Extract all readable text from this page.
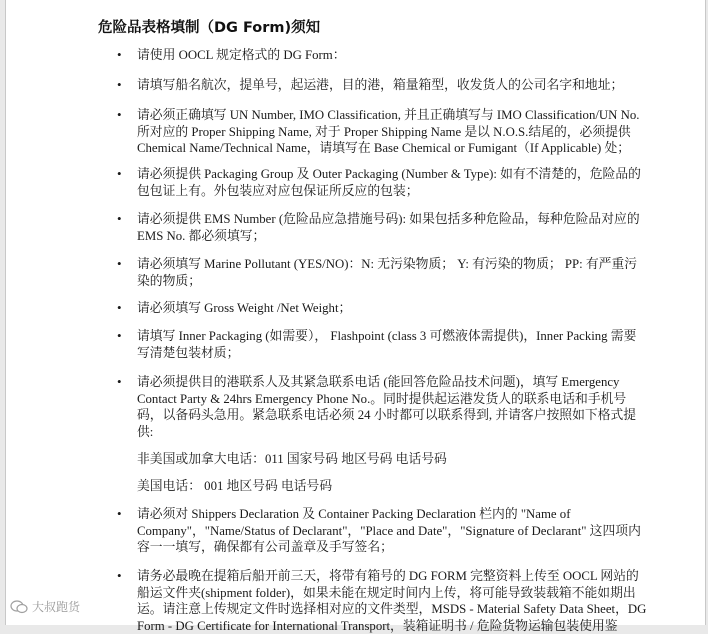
危险品表格填制（DG Form)须知
• 请使用 OOCL 规定格式的 DG Form：
• 请填写船名航次，提单号，起运港，目的港，箱量箱型，收发货人的公司名字和地址；
• 请必须正确填写 UN Number, IMO Classification, 并且正确填写与 IMO Classification/UN No. 所对应的 Proper Shipping Name, 对于 Proper Shipping Name 是以 N.O.S.结尾的，必须提供 Chemical Name/Technical Name，请填写在 Base Chemical or Fumigant（If Applicable) 处；
• 请必须提供 Packaging Group 及 Outer Packaging (Number & Type): 如有不清楚的，危险品的包包证上有。外包装应对应包保证所反应的包装；
• 请必须提供 EMS Number (危险品应急措施号码): 如果包括多种危险品，每种危险品对应的 EMS No. 都必须填写；
• 请必须填写 Marine Pollutant (YES/NO)：N: 无污染物质； Y: 有污染的物质； PP: 有严重污染的物质；
• 请必须填写 Gross Weight /Net Weight；
• 请填写 Inner Packaging (如需要）， Flashpoint (class 3 可燃液体需提供)，Inner Packing 需要写清楚包装材质；
• 请必须提供目的港联系人及其紧急联系电话 (能回答危险品技术问题)，填写 Emergency Contact Party & 24hrs Emergency Phone No.。同时提供起运港发货人的联系电话和手机号码，以备码头急用。紧急联系电话必须 24 小时都可以联系得到, 并请客户按照如下格式提供:
非美国或加拿大电话：011 国家号码 地区号码 电话号码
美国电话： 001 地区号码 电话号码
• 请必须对 Shippers Declaration 及 Container Packing Declaration 栏内的 "Name of Company"，"Name/Status of Declarant"，"Place and Date"，"Signature of Declarant" 这四项内容一一填写，确保都有公司盖章及手写签名；
• 请务必最晚在提箱后船开前三天，将带有箱号的 DG FORM 完整资料上传至 OOCL 网站的船运文件夹(shipment folder)，如果未能在规定时间内上传，将可能导致装载箱不能如期出运。请注意上传规定文件时选择相对应的文件类型，MSDS - Material Safety Data Sheet，DG Form - DG Certificate for International Transport，装箱证明书 / 危险货物运输包装使用鉴
大叔跑货
